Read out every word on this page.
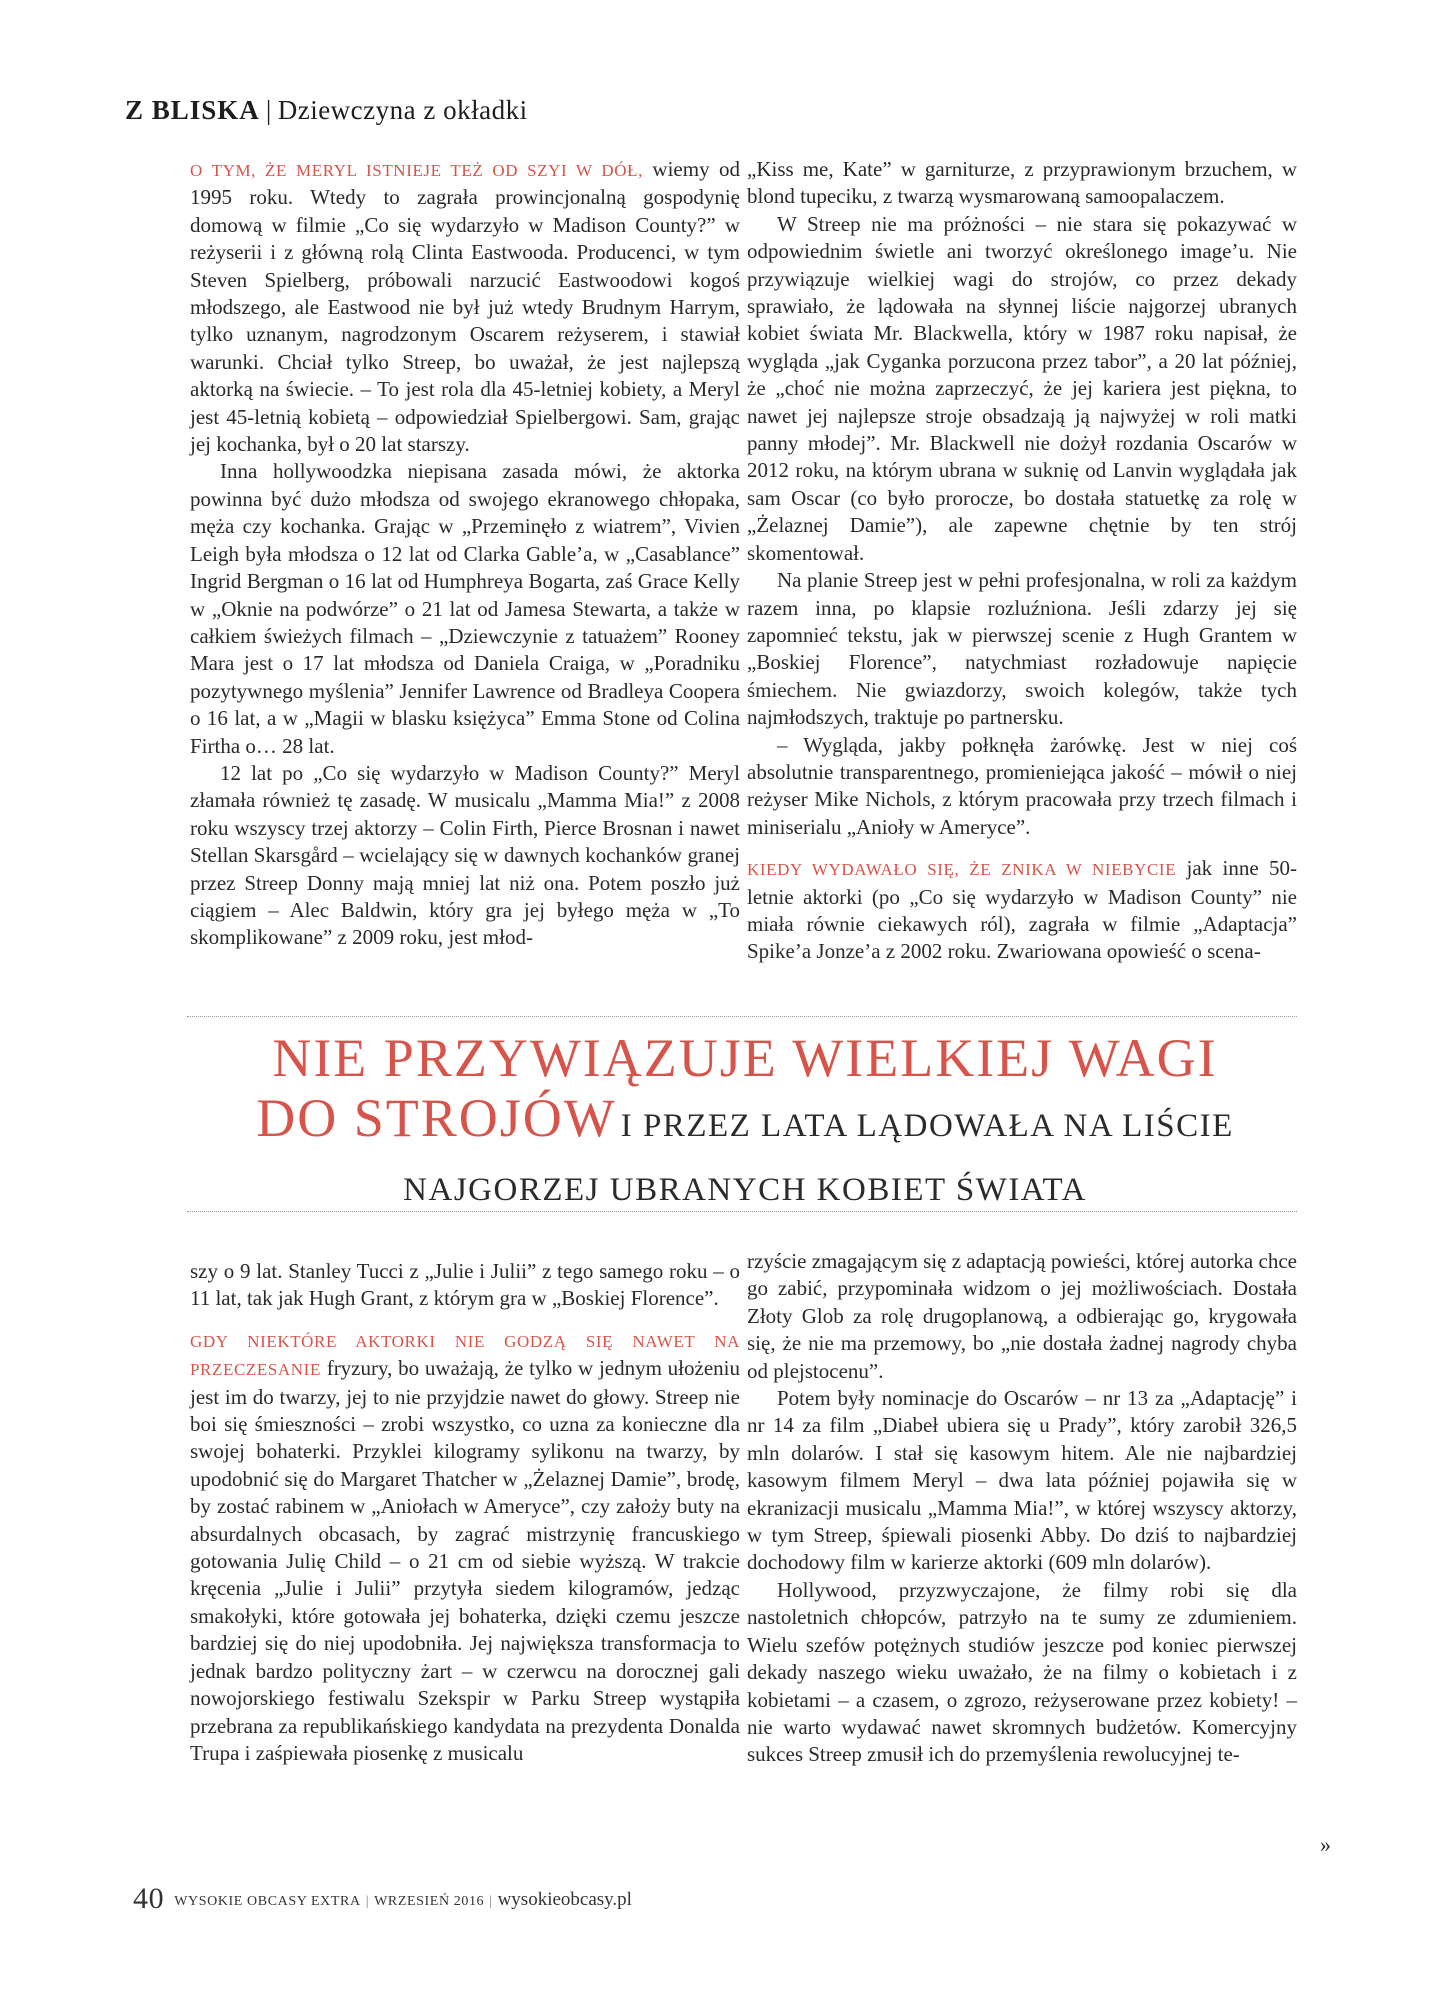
Z BLISKA | Dziewczyna z okładki

O TYM, ŻE MERYL ISTNIEJE TEŻ OD SZYI W DÓŁ, wiemy od 1995 roku. Wtedy to zagrała prowincjonalną gospodynię domową w filmie „Co się wydarzyło w Madison County?” w reżyserii i z główną rolą Clinta Eastwooda. Producenci, w tym Steven Spielberg, próbowali narzucić Eastwoodowi kogoś młodszego, ale Eastwood nie był już wtedy Brudnym Harrym, tylko uznanym, nagrodzonym Oscarem reżyserem, i stawiał warunki. Chciał tylko Streep, bo uważał, że jest najlepszą aktorką na świecie. – To jest rola dla 45-letniej kobiety, a Meryl jest 45-letnią kobietą – odpowiedział Spielbergowi. Sam, grając jej kochanka, był o 20 lat starszy.

Inna hollywoodzka niepisana zasada mówi, że aktorka powinna być dużo młodsza od swojego ekranowego chłopaka, męża czy kochanka. Grając w „Przeminęło z wiatrem”, Vivien Leigh była młodsza o 12 lat od Clarka Gable’a, w „Casablance” Ingrid Bergman o 16 lat od Humphreya Bogarta, zaś Grace Kelly w „Oknie na podwórze” o 21 lat od Jamesa Stewarta, a także w całkiem świeżych filmach – „Dziewczynie z tatuażem” Rooney Mara jest o 17 lat młodsza od Daniela Craiga, w „Poradniku pozytywnego myślenia” Jennifer Lawrence od Bradleya Coopera o 16 lat, a w „Magii w blasku księżyca” Emma Stone od Colina Firtha o… 28 lat.

12 lat po „Co się wydarzyło w Madison County?” Meryl złamała również tę zasadę. W musicalu „Mamma Mia!” z 2008 roku wszyscy trzej aktorzy – Colin Firth, Pierce Brosnan i nawet Stellan Skarsgård – wcielający się w dawnych kochanków granej przez Streep Donny mają mniej lat niż ona. Potem poszło już ciągiem – Alec Baldwin, który gra jej byłego męża w „To skomplikowane” z 2009 roku, jest młod-

„Kiss me, Kate” w garniturze, z przyprawionym brzuchem, w blond tupeciku, z twarzą wysmarowaną samoopalaczem.

W Streep nie ma próżności – nie stara się pokazywać w odpowiednim świetle ani tworzyć określonego image’u. Nie przywiązuje wielkiej wagi do strojów, co przez dekady sprawiało, że lądowała na słynnej liście najgorzej ubranych kobiet świata Mr. Blackwella, który w 1987 roku napisał, że wygląda „jak Cyganka porzucona przez tabor”, a 20 lat później, że „choć nie można zaprzeczyć, że jej kariera jest piękna, to nawet jej najlepsze stroje obsadzają ją najwyżej w roli matki panny młodej”. Mr. Blackwell nie dożył rozdania Oscarów w 2012 roku, na którym ubrana w suknię od Lanvin wyglądała jak sam Oscar (co było proroczе, bo dostała statuetkę za rolę w „Żelaznej Damie”), ale zapewne chętnie by ten strój skomentował.

Na planie Streep jest w pełni profesjonalna, w roli za każdym razem inna, po klapsie rozluźniona. Jeśli zdarzy jej się zapomnieć tekstu, jak w pierwszej scenie z Hugh Grantem w „Boskiej Florence”, natychmiast rozładowuje napięcie śmiechem. Nie gwiazdorzy, swoich kolegów, także tych najmłodszych, traktuje po partnersku.

– Wygląda, jakby połknęła żarówkę. Jest w niej coś absolutnie transparentnego, promieniejąca jakość – mówił o niej reżyser Mike Nichols, z którym pracowała przy trzech filmach i miniserialu „Anioły w Ameryce”.

KIEDY WYDAWAŁO SIĘ, ŻE ZNIKA W NIEBYCIE jak inne 50-letnie aktorki (po „Co się wydarzyło w Madison County” nie miała równie ciekawych ról), zagrała w filmie „Adaptacja” Spike’a Jonze’a z 2002 roku. Zwariowana opowieść o scena-

NIE PRZYWIĄZUJE WIELKIEJ WAGI
DO STROJÓW I PRZEZ LATA LĄDOWAŁA NA LIŚCIE
NAJGORZEJ UBRANYCH KOBIET ŚWIATA

szy o 9 lat. Stanley Tucci z „Julie i Julii” z tego samego roku – o 11 lat, tak jak Hugh Grant, z którym gra w „Boskiej Florence”.

GDY NIEKTÓRE AKTORKI NIE GODZĄ SIĘ NAWET NA PRZECZESANIE fryzury, bo uważają, że tylko w jednym ułożeniu jest im do twarzy, jej to nie przyjdzie nawet do głowy. Streep nie boi się śmieszności – zrobi wszystko, co uzna za konieczne dla swojej bohaterki. Przyklei kilogramy sylikonu na twarzy, by upodobnić się do Margaret Thatcher w „Żelaznej Damie”, brodę, by zostać rabinem w „Aniołach w Ameryce”, czy założy buty na absurdalnych obcasach, by zagrać mistrzynię francuskiego gotowania Julię Child – o 21 cm od siebie wyższą. W trakcie kręcenia „Julie i Julii” przytyła siedem kilogramów, jedząc smakołyki, które gotowała jej bohaterka, dzięki czemu jeszcze bardziej się do niej upodobniła. Jej największa transformacja to jednak bardzo polityczny żart – w czerwcu na dorocznej gali nowojorskiego festiwalu Szekspir w Parku Streep wystąpiła przebrana za republikańskiego kandydata na prezydenta Donalda Trupa i zaśpiewała piosenkę z musicalu

rzyście zmagającym się z adaptacją powieści, której autorka chce go zabić, przypominała widzom o jej możliwościach. Dostała Złoty Glob za rolę drugoplanową, a odbierając go, krygowała się, że nie ma przemowy, bo „nie dostała żadnej nagrody chyba od plejstocenu”.

Potem były nominacje do Oscarów – nr 13 za „Adaptację” i nr 14 za film „Diabeł ubiera się u Prady”, który zarobił 326,5 mln dolarów. I stał się kasowym hitem. Ale nie najbardziej kasowym filmem Meryl – dwa lata później pojawiła się w ekranizacji musicalu „Mamma Mia!”, w której wszyscy aktorzy, w tym Streep, śpiewali piosenki Abby. Do dziś to najbardziej dochodowy film w karierze aktorki (609 mln dolarów).

Hollywood, przyzwyczajone, że filmy robi się dla nastoletnich chłopców, patrzyło na te sumy ze zdumieniem. Wielu szefów potężnych studiów jeszcze pod koniec pierwszej dekady naszego wieku uważało, że na filmy o kobietach i z kobietami – a czasem, o zgrozo, reżyserowane przez kobiety! – nie warto wydawać nawet skromnych budżetów. Komercyjny sukces Streep zmusił ich do przemyślenia rewolucyjnej te-

»
40 WYSOKIE OBCASY EXTRA | WRZESIEŃ 2016 | wysokieobcasy.pl
